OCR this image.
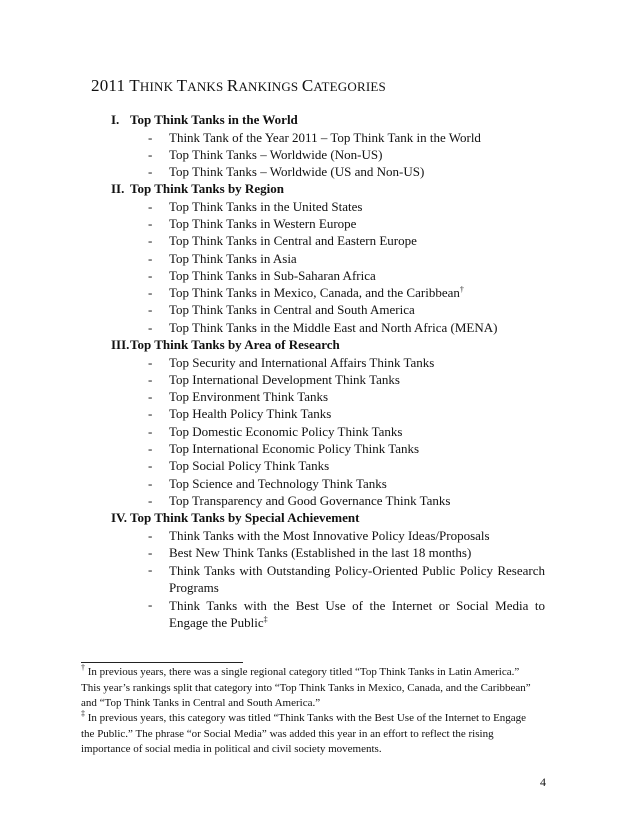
2011 THINK TANKS RANKINGS CATEGORIES
I. Top Think Tanks in the World
- Think Tank of the Year 2011 – Top Think Tank in the World
- Top Think Tanks – Worldwide (Non-US)
- Top Think Tanks – Worldwide (US and Non-US)
II. Top Think Tanks by Region
- Top Think Tanks in the United States
- Top Think Tanks in Western Europe
- Top Think Tanks in Central and Eastern Europe
- Top Think Tanks in Asia
- Top Think Tanks in Sub-Saharan Africa
- Top Think Tanks in Mexico, Canada, and the Caribbean†
- Top Think Tanks in Central and South America
- Top Think Tanks in the Middle East and North Africa (MENA)
III.Top Think Tanks by Area of Research
- Top Security and International Affairs Think Tanks
- Top International Development Think Tanks
- Top Environment Think Tanks
- Top Health Policy Think Tanks
- Top Domestic Economic Policy Think Tanks
- Top International Economic Policy Think Tanks
- Top Social Policy Think Tanks
- Top Science and Technology Think Tanks
- Top Transparency and Good Governance Think Tanks
IV. Top Think Tanks by Special Achievement
- Think Tanks with the Most Innovative Policy Ideas/Proposals
- Best New Think Tanks (Established in the last 18 months)
- Think Tanks with Outstanding Policy-Oriented Public Policy Research Programs
- Think Tanks with the Best Use of the Internet or Social Media to Engage the Public‡
† In previous years, there was a single regional category titled “Top Think Tanks in Latin America.” This year’s rankings split that category into “Top Think Tanks in Mexico, Canada, and the Caribbean” and “Top Think Tanks in Central and South America.”
‡ In previous years, this category was titled “Think Tanks with the Best Use of the Internet to Engage the Public.” The phrase “or Social Media” was added this year in an effort to reflect the rising importance of social media in political and civil society movements.
4
